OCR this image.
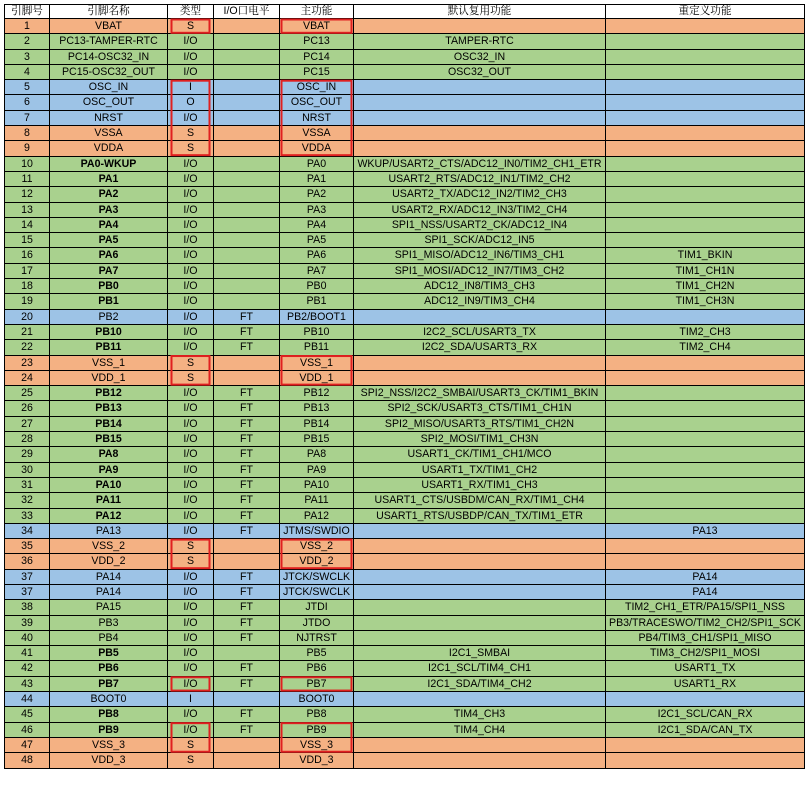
引脚号	引脚名称	类型	I/O口电平	主功能	默认复用功能	重定义功能
1	VBAT	S		VBAT		
2	PC13-TAMPER-RTC	I/O		PC13	TAMPER-RTC	
3	PC14-OSC32_IN	I/O		PC14	OSC32_IN	
4	PC15-OSC32_OUT	I/O		PC15	OSC32_OUT	
5	OSC_IN	I		OSC_IN		
6	OSC_OUT	O		OSC_OUT		
7	NRST	I/O		NRST		
8	VSSA	S		VSSA		
9	VDDA	S		VDDA		
10	PA0-WKUP	I/O		PA0	WKUP/USART2_CTS/ADC12_IN0/TIM2_CH1_ETR	
11	PA1	I/O		PA1	USART2_RTS/ADC12_IN1/TIM2_CH2	
12	PA2	I/O		PA2	USART2_TX/ADC12_IN2/TIM2_CH3	
13	PA3	I/O		PA3	USART2_RX/ADC12_IN3/TIM2_CH4	
14	PA4	I/O		PA4	SPI1_NSS/USART2_CK/ADC12_IN4	
15	PA5	I/O		PA5	SPI1_SCK/ADC12_IN5	
16	PA6	I/O		PA6	SPI1_MISO/ADC12_IN6/TIM3_CH1	TIM1_BKIN
17	PA7	I/O		PA7	SPI1_MOSI/ADC12_IN7/TIM3_CH2	TIM1_CH1N
18	PB0	I/O		PB0	ADC12_IN8/TIM3_CH3	TIM1_CH2N
19	PB1	I/O		PB1	ADC12_IN9/TIM3_CH4	TIM1_CH3N
20	PB2	I/O	FT	PB2/BOOT1		
21	PB10	I/O	FT	PB10	I2C2_SCL/USART3_TX	TIM2_CH3
22	PB11	I/O	FT	PB11	I2C2_SDA/USART3_RX	TIM2_CH4
23	VSS_1	S		VSS_1		
24	VDD_1	S		VDD_1		
25	PB12	I/O	FT	PB12	SPI2_NSS/I2C2_SMBAI/USART3_CK/TIM1_BKIN	
26	PB13	I/O	FT	PB13	SPI2_SCK/USART3_CTS/TIM1_CH1N	
27	PB14	I/O	FT	PB14	SPI2_MISO/USART3_RTS/TIM1_CH2N	
28	PB15	I/O	FT	PB15	SPI2_MOSI/TIM1_CH3N	
29	PA8	I/O	FT	PA8	USART1_CK/TIM1_CH1/MCO	
30	PA9	I/O	FT	PA9	USART1_TX/TIM1_CH2	
31	PA10	I/O	FT	PA10	USART1_RX/TIM1_CH3	
32	PA11	I/O	FT	PA11	USART1_CTS/USBDM/CAN_RX/TIM1_CH4	
33	PA12	I/O	FT	PA12	USART1_RTS/USBDP/CAN_TX/TIM1_ETR	
34	PA13	I/O	FT	JTMS/SWDIO		PA13
35	VSS_2	S		VSS_2		
36	VDD_2	S		VDD_2		
37	PA14	I/O	FT	JTCK/SWCLK		PA14
37	PA14	I/O	FT	JTCK/SWCLK		PA14
38	PA15	I/O	FT	JTDI		TIM2_CH1_ETR/PA15/SPI1_NSS
39	PB3	I/O	FT	JTDO		PB3/TRACESWO/TIM2_CH2/SPI1_SCK
40	PB4	I/O	FT	NJTRST		PB4/TIM3_CH1/SPI1_MISO
41	PB5	I/O		PB5	I2C1_SMBAI	TIM3_CH2/SPI1_MOSI
42	PB6	I/O	FT	PB6	I2C1_SCL/TIM4_CH1	USART1_TX
43	PB7	I/O	FT	PB7	I2C1_SDA/TIM4_CH2	USART1_RX
44	BOOT0	I		BOOT0		
45	PB8	I/O	FT	PB8	TIM4_CH3	I2C1_SCL/CAN_RX
46	PB9	I/O	FT	PB9	TIM4_CH4	I2C1_SDA/CAN_TX
47	VSS_3	S		VSS_3		
48	VDD_3	S		VDD_3		
